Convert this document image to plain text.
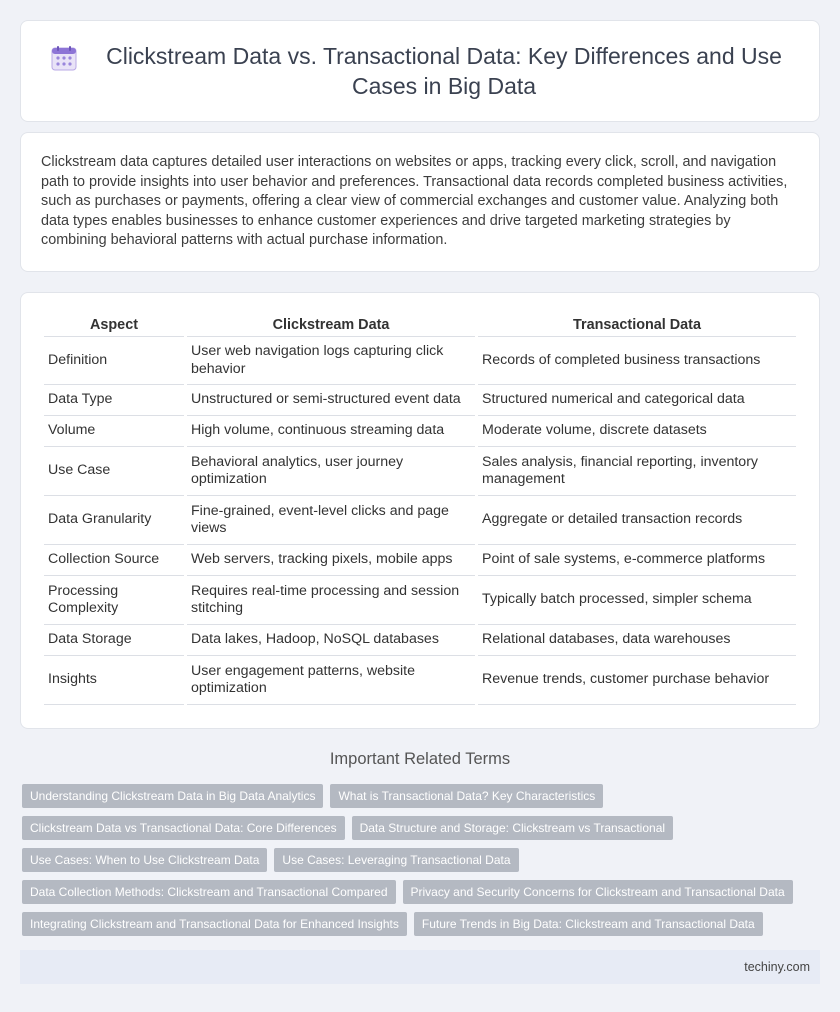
Clickstream Data vs. Transactional Data: Key Differences and Use Cases in Big Data

Clickstream data captures detailed user interactions on websites or apps, tracking every click, scroll, and navigation path to provide insights into user behavior and preferences. Transactional data records completed business activities, such as purchases or payments, offering a clear view of commercial exchanges and customer value. Analyzing both data types enables businesses to enhance customer experiences and drive targeted marketing strategies by combining behavioral patterns with actual purchase information.

Aspect	Clickstream Data	Transactional Data
Definition	User web navigation logs capturing click behavior	Records of completed business transactions
Data Type	Unstructured or semi-structured event data	Structured numerical and categorical data
Volume	High volume, continuous streaming data	Moderate volume, discrete datasets
Use Case	Behavioral analytics, user journey optimization	Sales analysis, financial reporting, inventory management
Data Granularity	Fine-grained, event-level clicks and page views	Aggregate or detailed transaction records
Collection Source	Web servers, tracking pixels, mobile apps	Point of sale systems, e-commerce platforms
Processing Complexity	Requires real-time processing and session stitching	Typically batch processed, simpler schema
Data Storage	Data lakes, Hadoop, NoSQL databases	Relational databases, data warehouses
Insights	User engagement patterns, website optimization	Revenue trends, customer purchase behavior
Important Related Terms
Understanding Clickstream Data in Big Data Analytics	What is Transactional Data? Key Characteristics
Clickstream Data vs Transactional Data: Core Differences	Data Structure and Storage: Clickstream vs Transactional
Use Cases: When to Use Clickstream Data	Use Cases: Leveraging Transactional Data
Data Collection Methods: Clickstream and Transactional Compared	Privacy and Security Concerns for Clickstream and Transactional Data
Integrating Clickstream and Transactional Data for Enhanced Insights	Future Trends in Big Data: Clickstream and Transactional Data
techiny.com
